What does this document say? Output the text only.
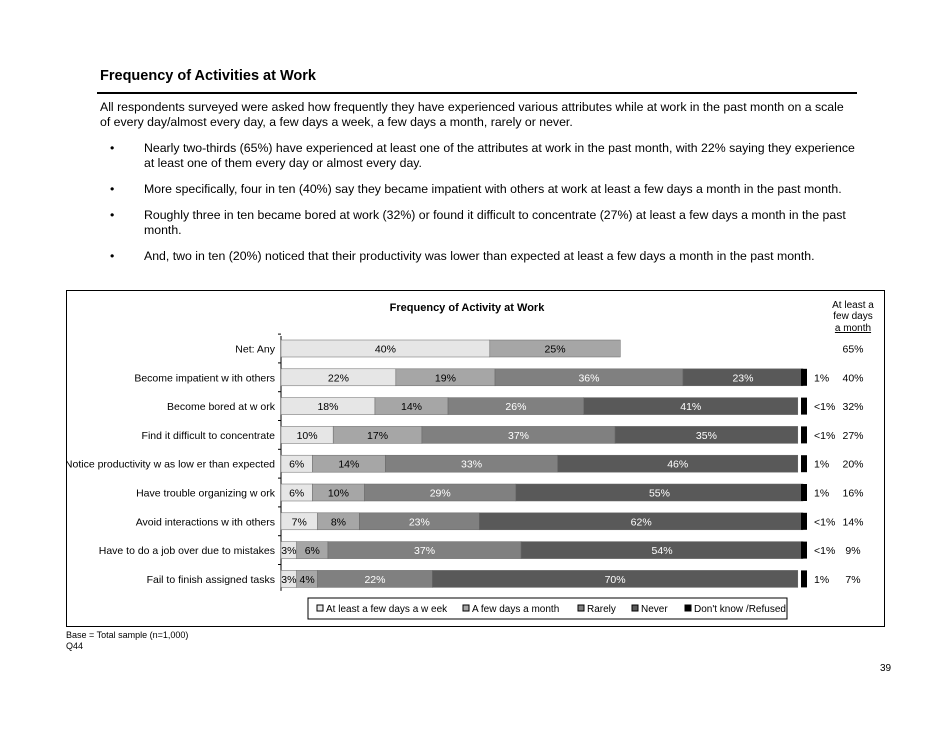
Frequency of Activities at Work
All respondents surveyed were asked how frequently they have experienced various attributes while at work in the past month on a scale of every day/almost every day, a few days a week, a few days a month, rarely or never.
• Nearly two-thirds (65%) have experienced at least one of the attributes at work in the past month, with 22% saying they experience at least one of them every day or almost every day.
• More specifically, four in ten (40%) say they became impatient with others at work at least a few days a month in the past month.
• Roughly three in ten became bored at work (32%) or found it difficult to concentrate (27%) at least a few days a month in the past month.
• And, two in ten (20%) noticed that their productivity was lower than expected at least a few days a month in the past month.
Frequency of Activity at Work	At least a
few days
a month
Net: Any	40%	25%	65%
Become impatient w ith others	22%	19%	36%	23%	1% 40%
Become bored at w ork	18%	14%	26%	41%	<1% 32%
Find it difficult to concentrate 10%	17%	37%	35%	<1% 27%
Notice productivity w as low er than expected 6%	14%	33%	46%	1% 20%
Have trouble organizing w ork 6% 10%	29%	55%	1% 16%
Avoid interactions w ith others 7% 8%	23%	62%	<1% 14%
Have to do a job over due to mistakes 3% 6%	37%	54%	<1% 9%
Fail to finish assigned tasks 3% 4%	22%	70%	1% 7%
At least a few days a w eek A few days a month	Rarely	Never	Don't know /Refused
Base = Total sample (n=1,000)
Q44
39
